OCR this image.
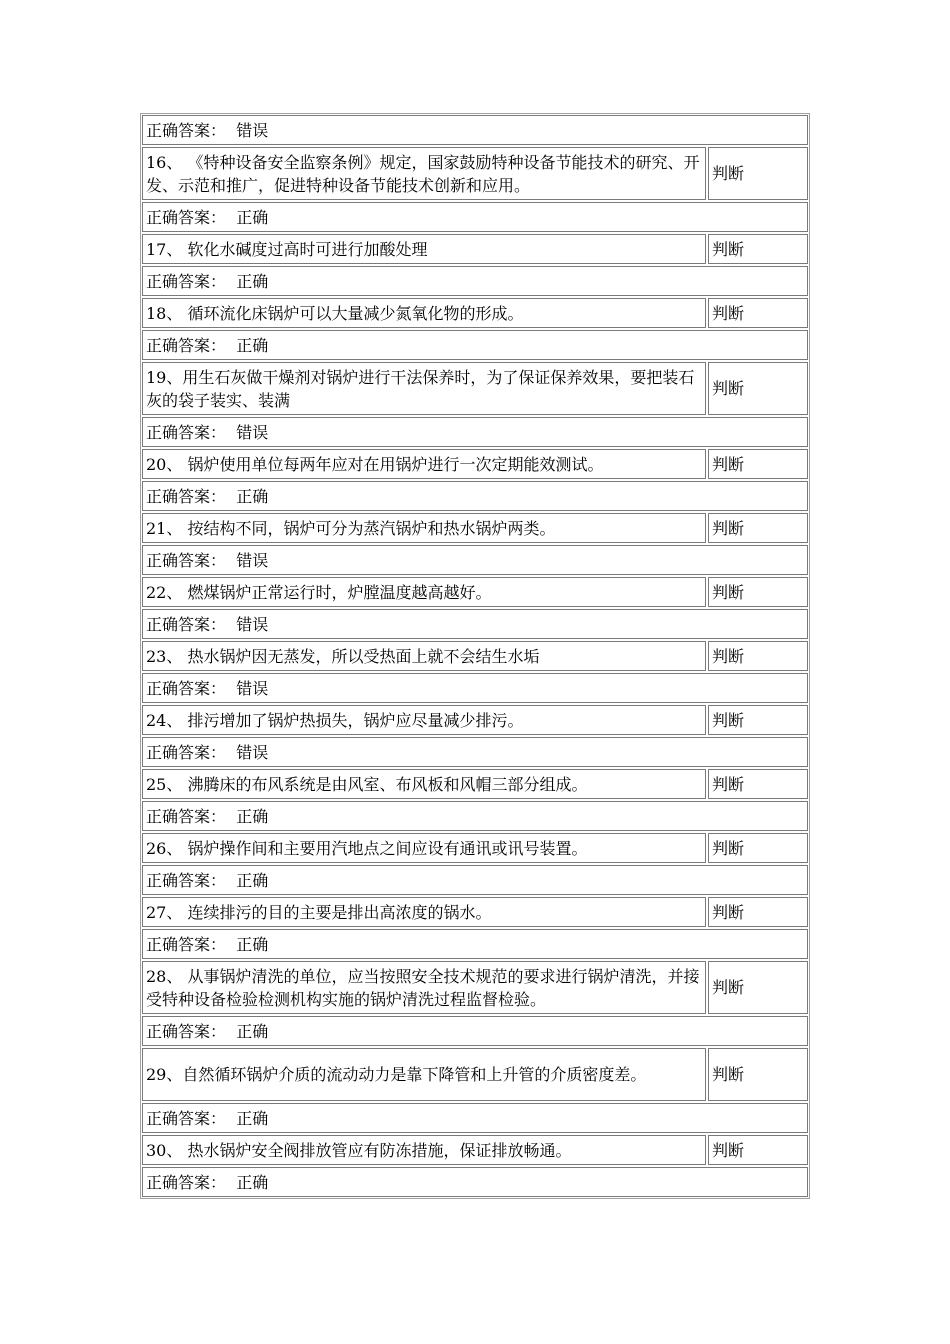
正确答案：
错误
16、 《特种设备安全监察条例》规定，国家鼓励特种设备节能技术的研究、开发、示范和推广，促进特种设备节能技术创新和应用。
判断
正确答案：
正确
17、 软化水碱度过高时可进行加酸处理	判断
正确答案：
正确
18、 循环流化床锅炉可以大量减少氮氧化物的形成。	判断
正确答案：
正确
19、用生石灰做干燥剂对锅炉进行干法保养时，为了保证保养效果，要把装石灰的袋子装实、装满
判断
正确答案：
错误
20、 锅炉使用单位每两年应对在用锅炉进行一次定期能效测试。	判断
正确答案：
正确
21、 按结构不同，锅炉可分为蒸汽锅炉和热水锅炉两类。	判断
正确答案：
错误
22、 燃煤锅炉正常运行时，炉膛温度越高越好。	判断
正确答案：
错误
23、 热水锅炉因无蒸发，所以受热面上就不会结生水垢	判断
正确答案：
错误
24、 排污增加了锅炉热损失，锅炉应尽量减少排污。	判断
正确答案：
错误
25、 沸腾床的布风系统是由风室、布风板和风帽三部分组成。	判断
正确答案：
正确
26、 锅炉操作间和主要用汽地点之间应设有通讯或讯号装置。	判断
正确答案：
正确
27、 连续排污的目的主要是排出高浓度的锅水。	判断
正确答案：
正确
28、 从事锅炉清洗的单位，应当按照安全技术规范的要求进行锅炉清洗，并接受特种设备检验检测机构实施的锅炉清洗过程监督检验。
判断
正确答案：
正确
29、自然循环锅炉介质的流动动力是靠下降管和上升管的介质密度差。	判断
正确答案：
正确
30、 热水锅炉安全阀排放管应有防冻措施，保证排放畅通。	判断
正确答案：
正确
